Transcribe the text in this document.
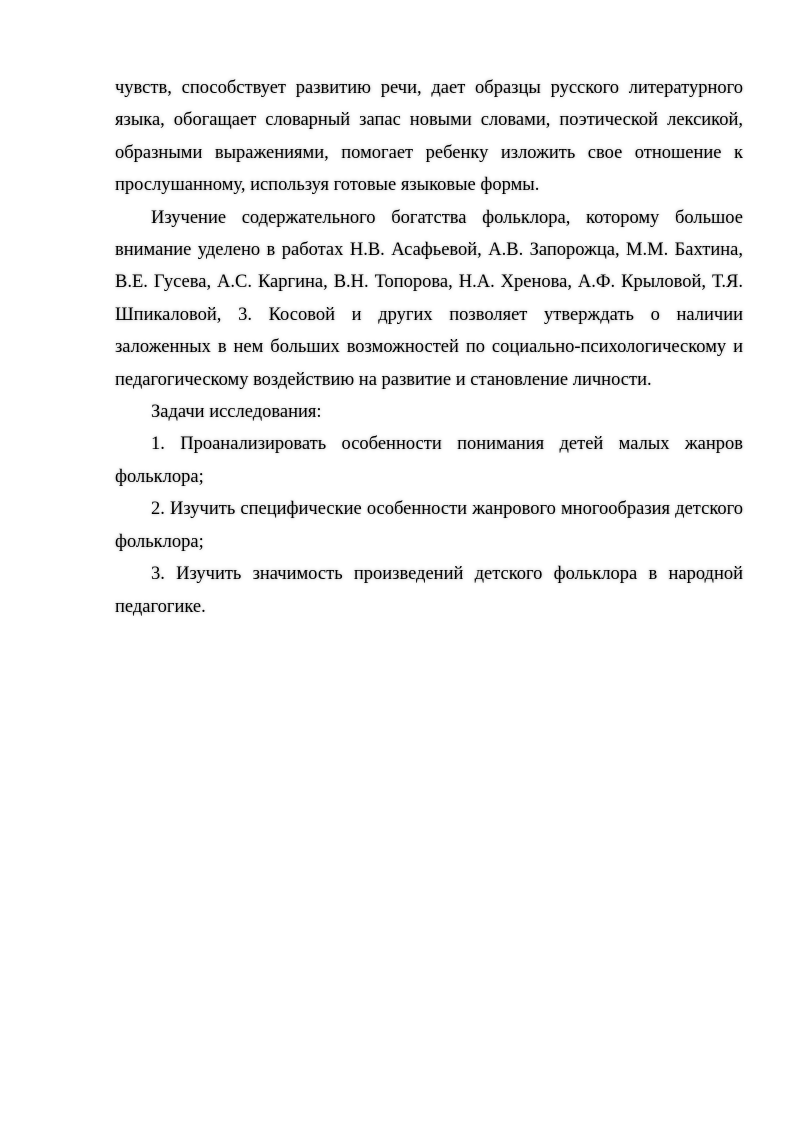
чувств, способствует развитию речи, дает образцы русского литературного языка, обогащает словарный запас новыми словами, поэтической лексикой, образными выражениями, помогает ребенку изложить свое отношение к прослушанному, используя готовые языковые формы.

Изучение содержательного богатства фольклора, которому большое внимание уделено в работах Н.В. Асафьевой, А.В. Запорожца, М.М. Бахтина, В.Е. Гусева, А.С. Каргина, В.Н. Топорова, Н.А. Хренова, А.Ф. Крыловой, Т.Я. Шпикаловой, 3. Косовой и других позволяет утверждать о наличии заложенных в нем больших возможностей по социально-психологическому и педагогическому воздействию на развитие и становление личности.

Задачи исследования:

1. Проанализировать особенности понимания детей малых жанров фольклора;

2. Изучить специфические особенности жанрового многообразия детского фольклора;

3. Изучить значимость произведений детского фольклора в народной педагогике.
